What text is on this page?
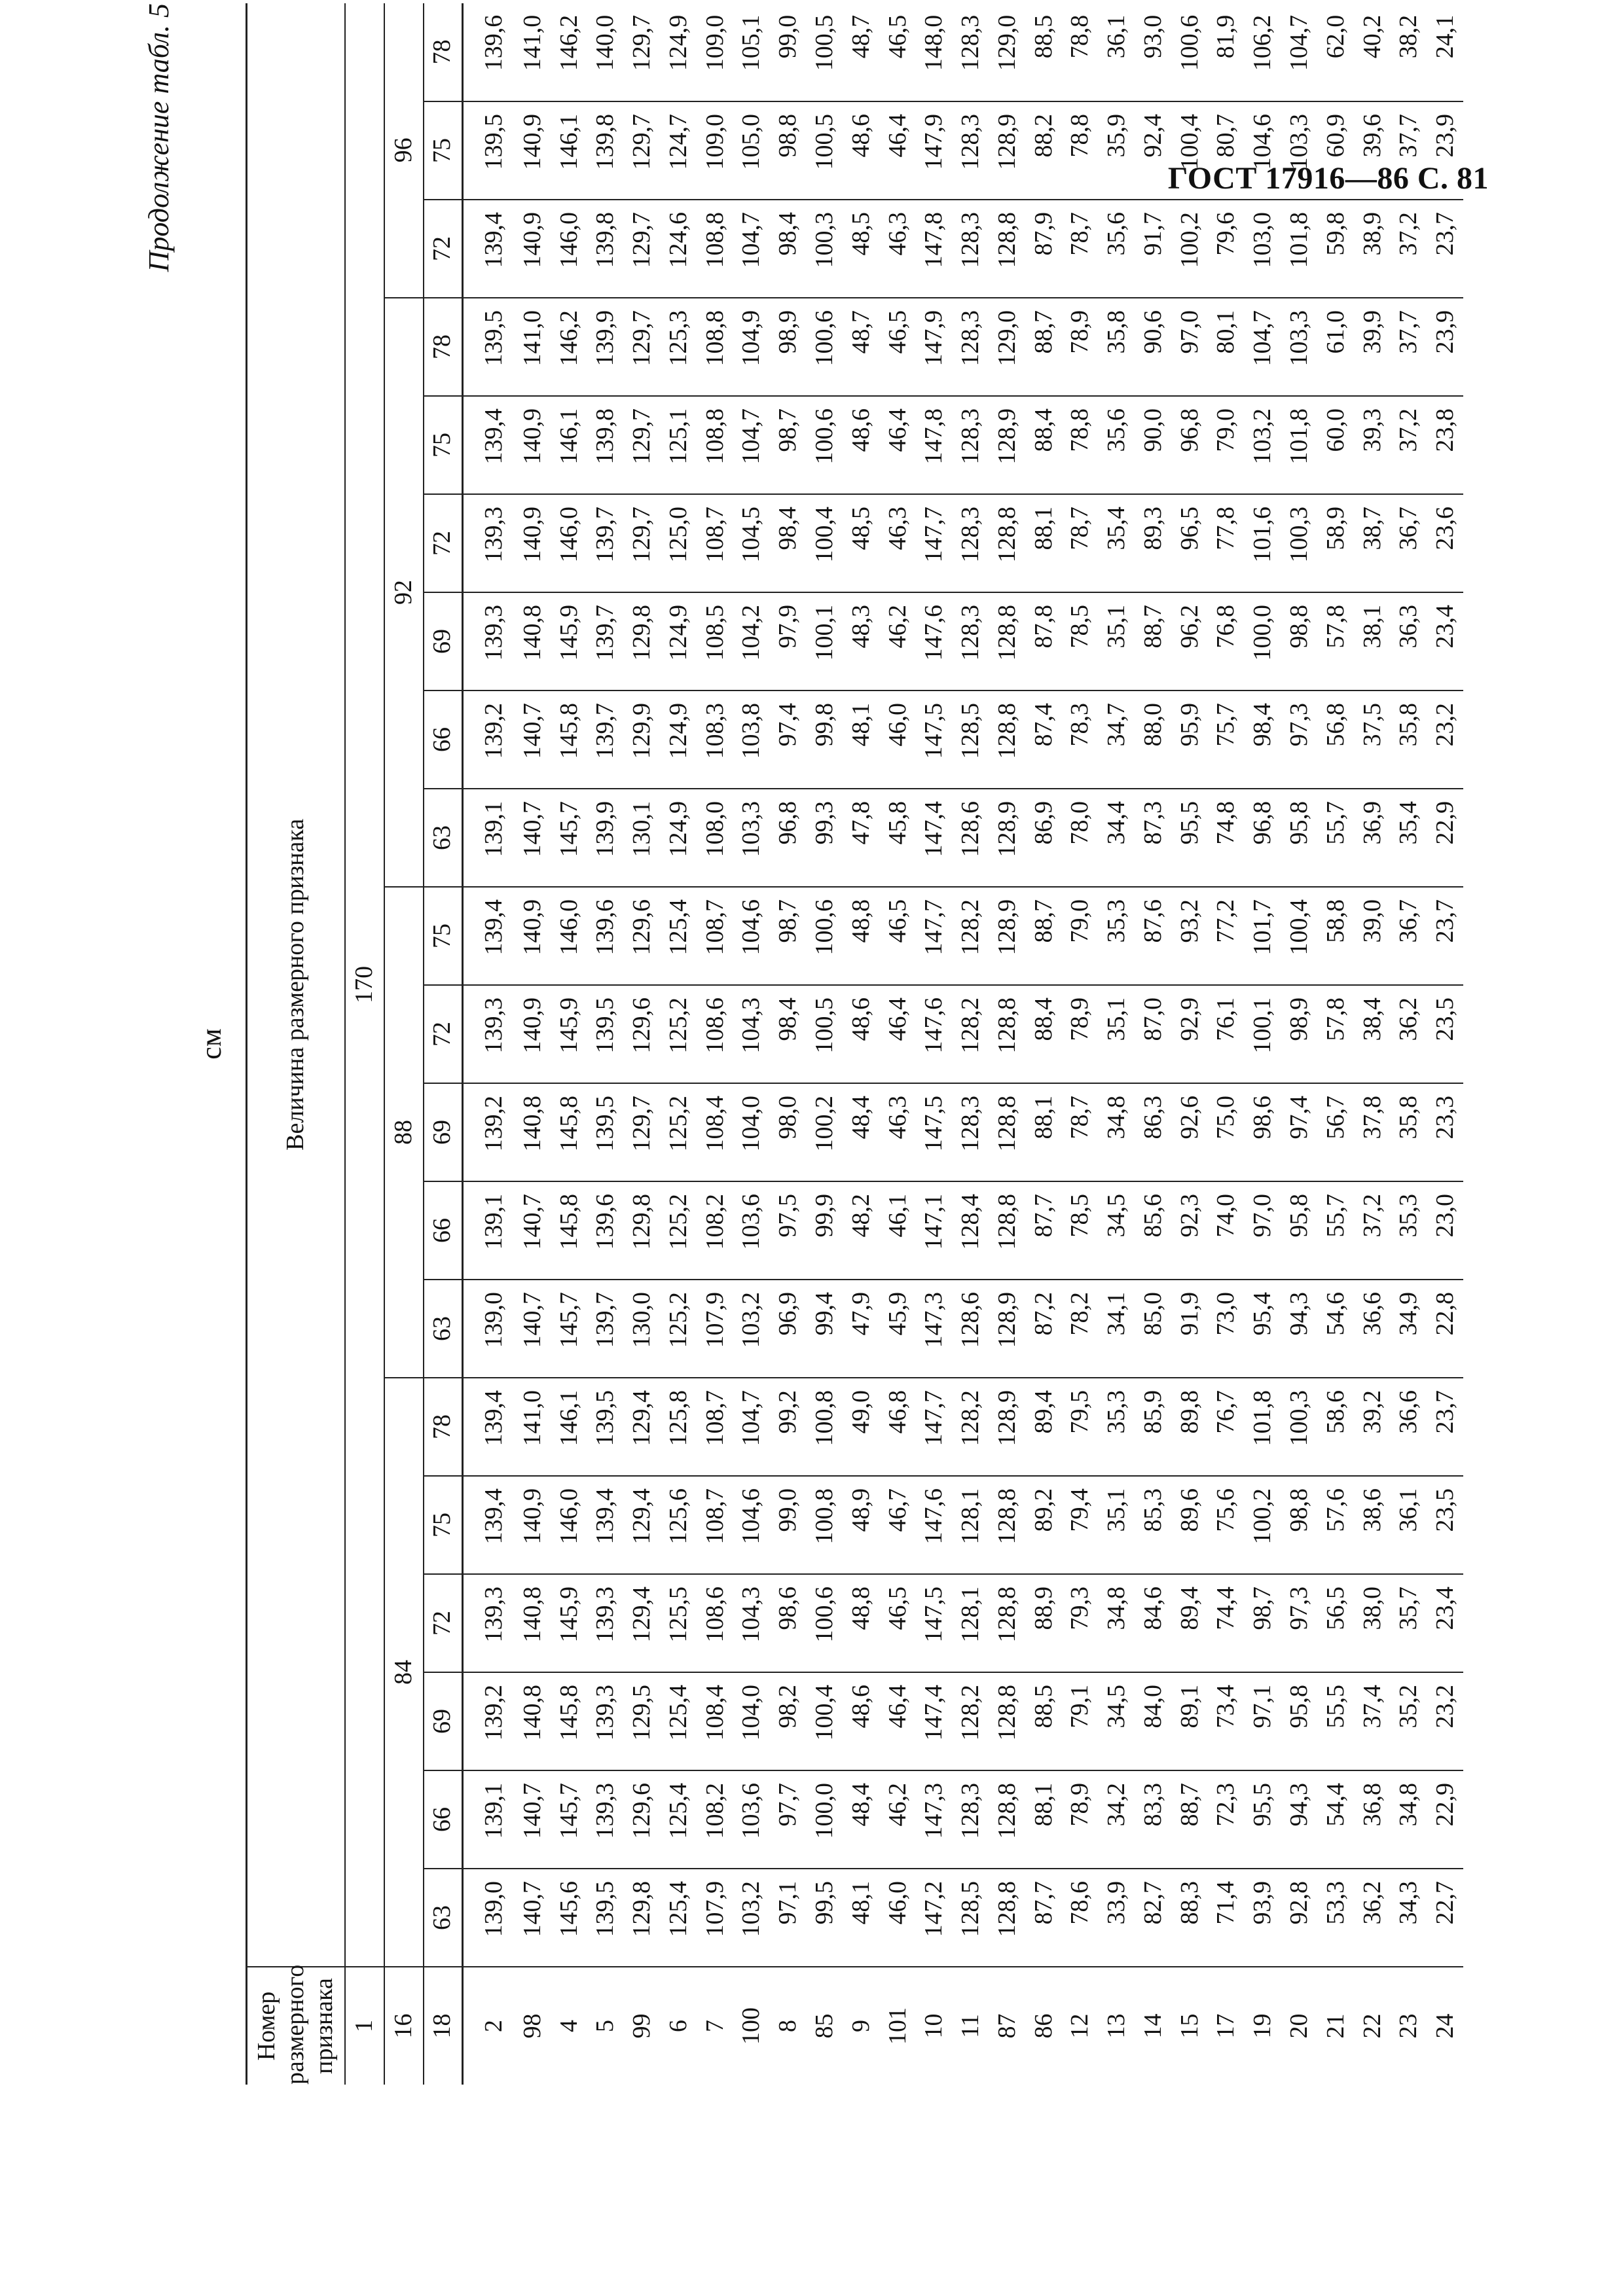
ГОСТ 17916—86 С. 81
Продолжение табл. 5
см
Номер размерного признака	Величина размерного признака																			
1	170																			
16	84						88					92						96		
18	63	66	69	72	75	78	63	66	69	72	75	63	66	69	72	75	78	72	75	78
2	139,0	139,1	139,2	139,3	139,4	139,4	139,0	139,1	139,2	139,3	139,4	139,1	139,2	139,3	139,3	139,4	139,5	139,4	139,5	139,6
98	140,7	140,7	140,8	140,8	140,9	141,0	140,7	140,7	140,8	140,9	140,9	140,7	140,7	140,8	140,9	140,9	141,0	140,9	140,9	141,0
4	145,6	145,7	145,8	145,9	146,0	146,1	145,7	145,8	145,8	145,9	146,0	145,7	145,8	145,9	146,0	146,1	146,2	146,0	146,1	146,2
5	139,5	139,3	139,3	139,3	139,4	139,5	139,7	139,6	139,5	139,5	139,6	139,9	139,7	139,7	139,7	139,8	139,9	139,8	139,8	140,0
99	129,8	129,6	129,5	129,4	129,4	129,4	130,0	129,8	129,7	129,6	129,6	130,1	129,9	129,8	129,7	129,7	129,7	129,7	129,7	129,7
6	125,4	125,4	125,4	125,5	125,6	125,8	125,2	125,2	125,2	125,2	125,4	124,9	124,9	124,9	125,0	125,1	125,3	124,6	124,7	124,9
7	107,9	108,2	108,4	108,6	108,7	108,7	107,9	108,2	108,4	108,6	108,7	108,0	108,3	108,5	108,7	108,8	108,8	108,8	109,0	109,0
100	103,2	103,6	104,0	104,3	104,6	104,7	103,2	103,6	104,0	104,3	104,6	103,3	103,8	104,2	104,5	104,7	104,9	104,7	105,0	105,1
8	97,1	97,7	98,2	98,6	99,0	99,2	96,9	97,5	98,0	98,4	98,7	96,8	97,4	97,9	98,4	98,7	98,9	98,4	98,8	99,0
85	99,5	100,0	100,4	100,6	100,8	100,8	99,4	99,9	100,2	100,5	100,6	99,3	99,8	100,1	100,4	100,6	100,6	100,3	100,5	100,5
9	48,1	48,4	48,6	48,8	48,9	49,0	47,9	48,2	48,4	48,6	48,8	47,8	48,1	48,3	48,5	48,6	48,7	48,5	48,6	48,7
101	46,0	46,2	46,4	46,5	46,7	46,8	45,9	46,1	46,3	46,4	46,5	45,8	46,0	46,2	46,3	46,4	46,5	46,3	46,4	46,5
10	147,2	147,3	147,4	147,5	147,6	147,7	147,3	147,1	147,5	147,6	147,7	147,4	147,5	147,6	147,7	147,8	147,9	147,8	147,9	148,0
11	128,5	128,3	128,2	128,1	128,1	128,2	128,6	128,4	128,3	128,2	128,2	128,6	128,5	128,3	128,3	128,3	128,3	128,3	128,3	128,3
87	128,8	128,8	128,8	128,8	128,8	128,9	128,9	128,8	128,8	128,8	128,9	128,9	128,8	128,8	128,8	128,9	129,0	128,8	128,9	129,0
86	87,7	88,1	88,5	88,9	89,2	89,4	87,2	87,7	88,1	88,4	88,7	86,9	87,4	87,8	88,1	88,4	88,7	87,9	88,2	88,5
12	78,6	78,9	79,1	79,3	79,4	79,5	78,2	78,5	78,7	78,9	79,0	78,0	78,3	78,5	78,7	78,8	78,9	78,7	78,8	78,8
13	33,9	34,2	34,5	34,8	35,1	35,3	34,1	34,5	34,8	35,1	35,3	34,4	34,7	35,1	35,4	35,6	35,8	35,6	35,9	36,1
14	82,7	83,3	84,0	84,6	85,3	85,9	85,0	85,6	86,3	87,0	87,6	87,3	88,0	88,7	89,3	90,0	90,6	91,7	92,4	93,0
15	88,3	88,7	89,1	89,4	89,6	89,8	91,9	92,3	92,6	92,9	93,2	95,5	95,9	96,2	96,5	96,8	97,0	100,2	100,4	100,6
17	71,4	72,3	73,4	74,4	75,6	76,7	73,0	74,0	75,0	76,1	77,2	74,8	75,7	76,8	77,8	79,0	80,1	79,6	80,7	81,9
19	93,9	95,5	97,1	98,7	100,2	101,8	95,4	97,0	98,6	100,1	101,7	96,8	98,4	100,0	101,6	103,2	104,7	103,0	104,6	106,2
20	92,8	94,3	95,8	97,3	98,8	100,3	94,3	95,8	97,4	98,9	100,4	95,8	97,3	98,8	100,3	101,8	103,3	101,8	103,3	104,7
21	53,3	54,4	55,5	56,5	57,6	58,6	54,6	55,7	56,7	57,8	58,8	55,7	56,8	57,8	58,9	60,0	61,0	59,8	60,9	62,0
22	36,2	36,8	37,4	38,0	38,6	39,2	36,6	37,2	37,8	38,4	39,0	36,9	37,5	38,1	38,7	39,3	39,9	38,9	39,6	40,2
23	34,3	34,8	35,2	35,7	36,1	36,6	34,9	35,3	35,8	36,2	36,7	35,4	35,8	36,3	36,7	37,2	37,7	37,2	37,7	38,2
24	22,7	22,9	23,2	23,4	23,5	23,7	22,8	23,0	23,3	23,5	23,7	22,9	23,2	23,4	23,6	23,8	23,9	23,7	23,9	24,1
